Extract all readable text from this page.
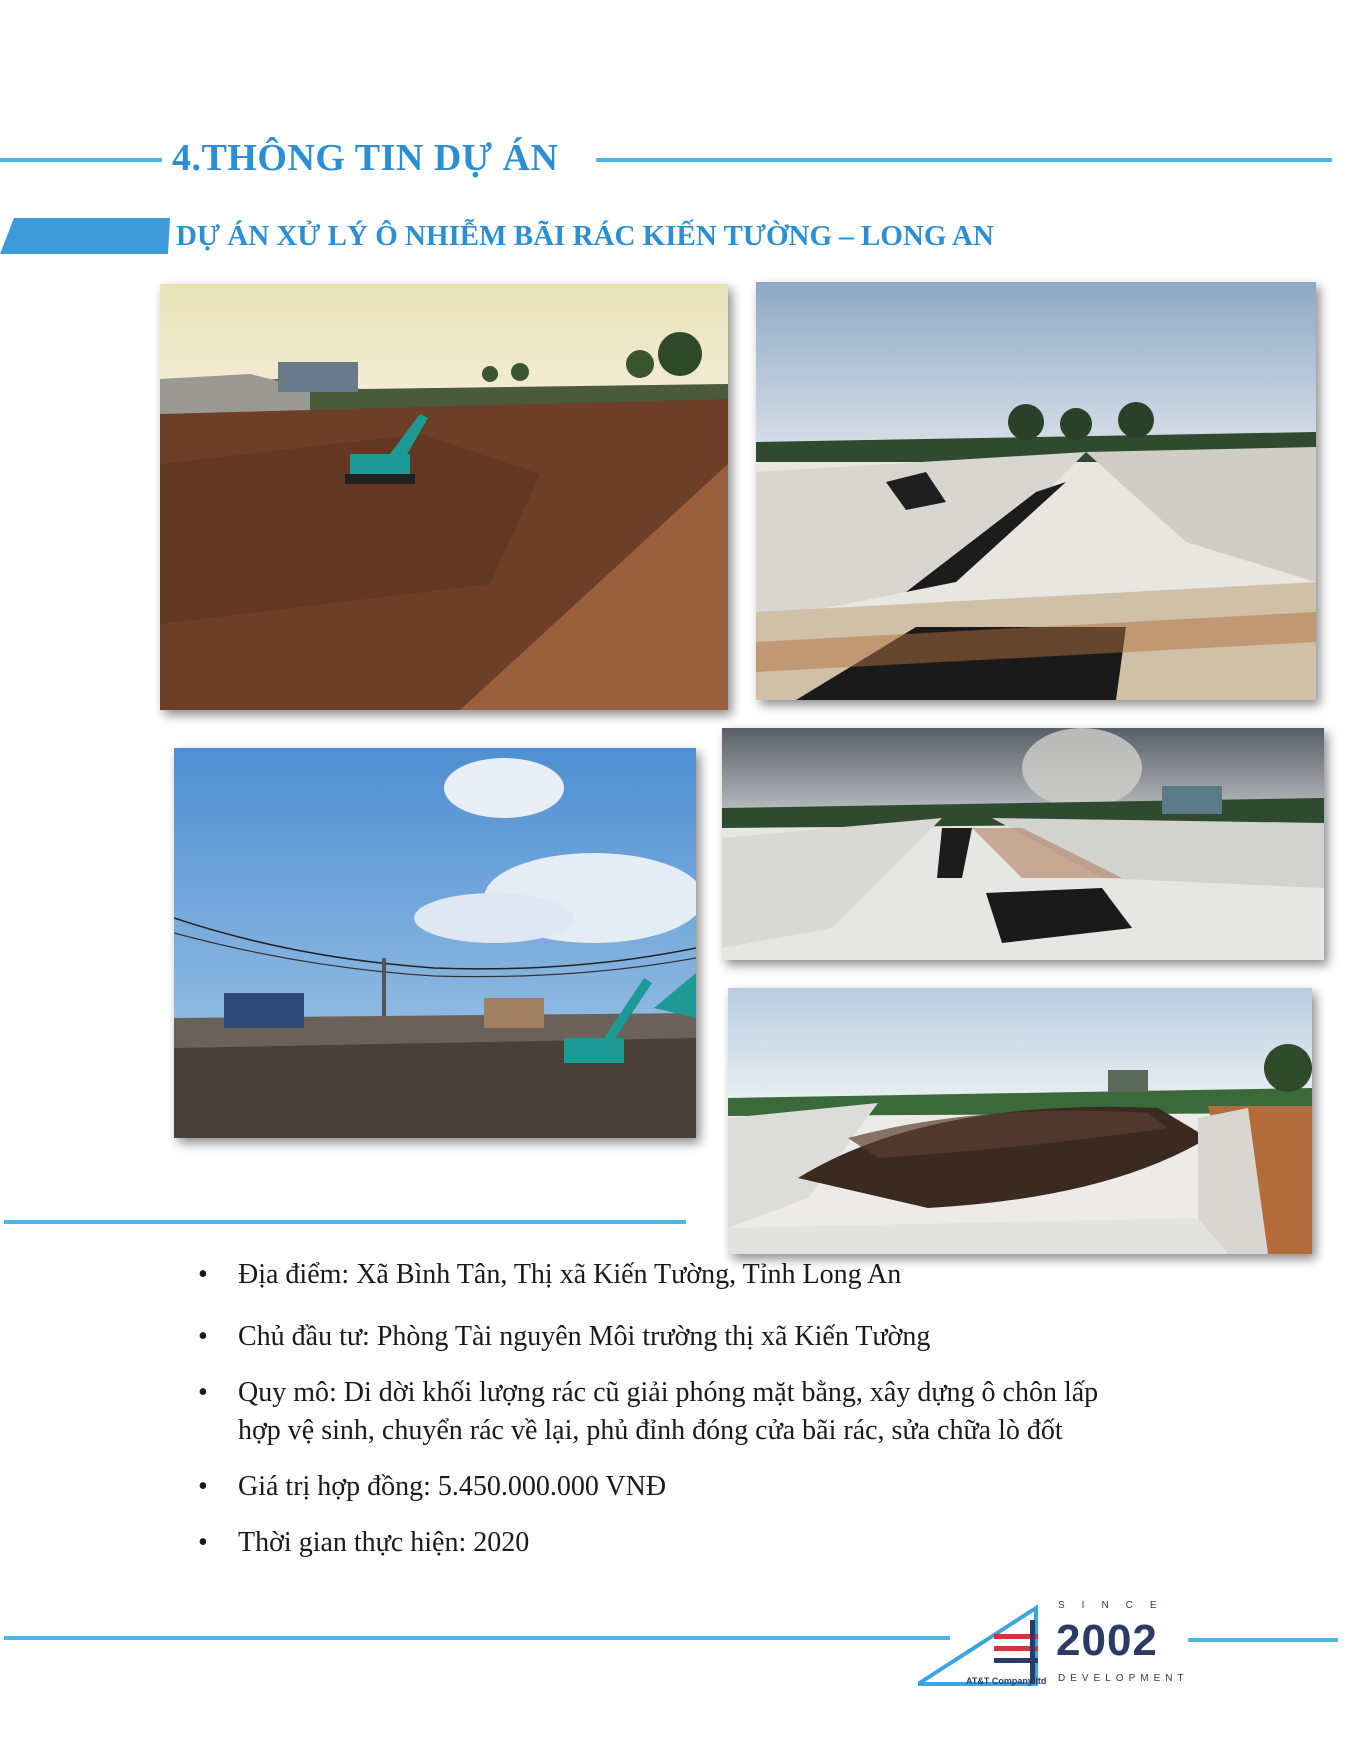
4.THÔNG TIN DỰ ÁN
DỰ ÁN XỬ LÝ Ô NHIỄM BÃI RÁC KIẾN TƯỜNG – LONG AN
• Địa điểm: Xã Bình Tân, Thị xã Kiến Tường, Tỉnh Long An
• Chủ đầu tư: Phòng Tài nguyên Môi trường thị xã Kiến Tường
• Quy mô: Di dời khối lượng rác cũ giải phóng mặt bằng, xây dựng ô chôn lấp
hợp vệ sinh, chuyển rác về lại, phủ đỉnh đóng cửa bãi rác, sửa chữa lò đốt
• Giá trị hợp đồng: 5.450.000.000 VNĐ
• Thời gian thực hiện: 2020
SINCE
2002
DEVELOPMENT
AT&T Company ltd
